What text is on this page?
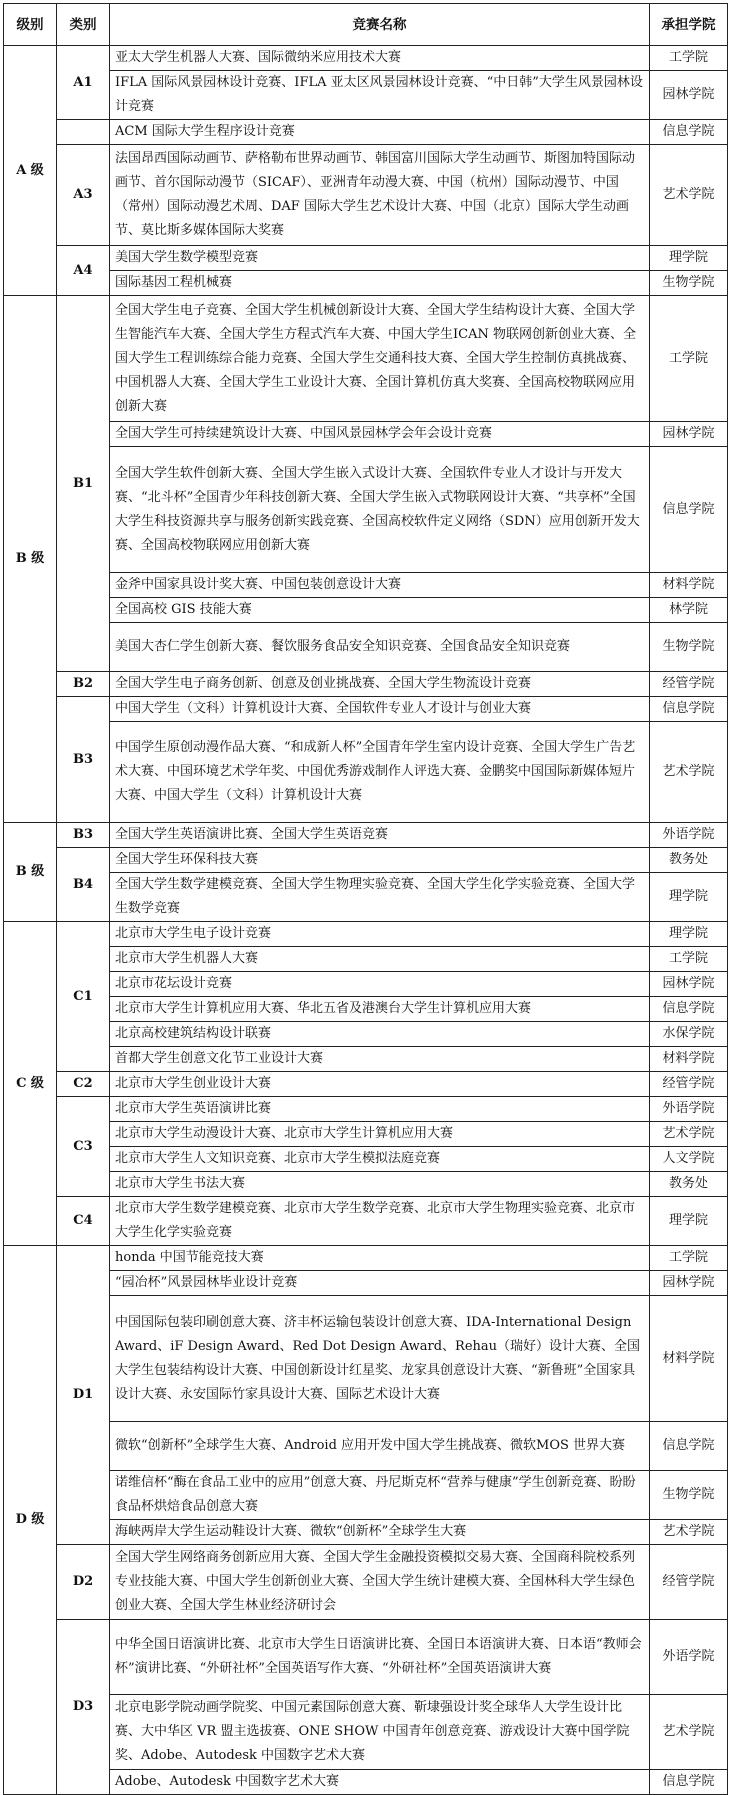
级别	类别	竞赛名称	承担学院
A 级	A1	亚太大学生机器人大赛、国际微纳米应用技术大赛	工学院
		IFLA 国际风景园林设计竞赛、IFLA 亚太区风景园林设计竞赛、“中日韩”大学生风景园林设计竞赛	园林学院
		ACM 国际大学生程序设计竞赛	信息学院
	A3	法国昂西国际动画节、萨格勒布世界动画节、韩国富川国际大学生动画节、斯图加特国际动画节、首尔国际动漫节（SICAF）、亚洲青年动漫大赛、中国（杭州）国际动漫节、中国（常州）国际动漫艺术周、DAF 国际大学生艺术设计大赛、中国（北京）国际大学生动画节、莫比斯多媒体国际大奖赛	艺术学院
	A4	美国大学生数学模型竞赛	理学院
		国际基因工程机械赛	生物学院
B 级	B1	全国大学生电子竞赛、全国大学生机械创新设计大赛、全国大学生结构设计大赛、全国大学生智能汽车大赛、全国大学生方程式汽车大赛、中国大学生ICAN 物联网创新创业大赛、全国大学生工程训练综合能力竞赛、全国大学生交通科技大赛、全国大学生控制仿真挑战赛、中国机器人大赛、全国大学生工业设计大赛、全国计算机仿真大奖赛、全国高校物联网应用创新大赛	工学院
		全国大学生可持续建筑设计大赛、中国风景园林学会年会设计竞赛	园林学院
		全国大学生软件创新大赛、全国大学生嵌入式设计大赛、全国软件专业人才设计与开发大赛、“北斗杯”全国青少年科技创新大赛、全国大学生嵌入式物联网设计大赛、“共享杯”全国大学生科技资源共享与服务创新实践竞赛、全国高校软件定义网络（SDN）应用创新开发大赛、全国高校物联网应用创新大赛	信息学院
		金斧中国家具设计奖大赛、中国包装创意设计大赛	材料学院
		全国高校 GIS 技能大赛	林学院
		美国大杏仁学生创新大赛、餐饮服务食品安全知识竞赛、全国食品安全知识竞赛	生物学院
	B2	全国大学生电子商务创新、创意及创业挑战赛、全国大学生物流设计竞赛	经管学院
	B3	中国大学生（文科）计算机设计大赛、全国软件专业人才设计与创业大赛	信息学院
		中国学生原创动漫作品大赛、“和成新人杯”全国青年学生室内设计竞赛、全国大学生广告艺术大赛、中国环境艺术学年奖、中国优秀游戏制作人评选大赛、金鹏奖中国国际新媒体短片大赛、中国大学生（文科）计算机设计大赛	艺术学院
B 级	B3	全国大学生英语演讲比赛、全国大学生英语竞赛	外语学院
	B4	全国大学生环保科技大赛	教务处
		全国大学生数学建模竞赛、全国大学生物理实验竞赛、全国大学生化学实验竞赛、全国大学生数学竞赛	理学院
C 级	C1	北京市大学生电子设计竞赛	理学院
		北京市大学生机器人大赛	工学院
		北京市花坛设计竞赛	园林学院
		北京市大学生计算机应用大赛、华北五省及港澳台大学生计算机应用大赛	信息学院
		北京高校建筑结构设计联赛	水保学院
		首都大学生创意文化节工业设计大赛	材料学院
	C2	北京市大学生创业设计大赛	经管学院
	C3	北京市大学生英语演讲比赛	外语学院
		北京市大学生动漫设计大赛、北京市大学生计算机应用大赛	艺术学院
		北京市大学生人文知识竞赛、北京市大学生模拟法庭竞赛	人文学院
		北京市大学生书法大赛	教务处
	C4	北京市大学生数学建模竞赛、北京市大学生数学竞赛、北京市大学生物理实验竞赛、北京市大学生化学实验竞赛	理学院
D 级	D1	honda 中国节能竞技大赛	工学院
		“园冶杯”风景园林毕业设计竞赛	园林学院
		中国国际包装印刷创意大赛、济丰杯运输包装设计创意大赛、IDA-International Design Award、iF Design Award、Red Dot Design Award、Rehau（瑞好）设计大赛、全国大学生包装结构设计大赛、中国创新设计红星奖、龙家具创意设计大赛、“新鲁班”全国家具设计大赛、永安国际竹家具设计大赛、国际艺术设计大赛	材料学院
		微软“创新杯”全球学生大赛、Android 应用开发中国大学生挑战赛、微软MOS 世界大赛	信息学院
		诺维信杯“酶在食品工业中的应用”创意大赛、丹尼斯克杯“营养与健康”学生创新竞赛、盼盼食品杯烘焙食品创意大赛	生物学院
		海峡两岸大学生运动鞋设计大赛、微软“创新杯”全球学生大赛	艺术学院
	D2	全国大学生网络商务创新应用大赛、全国大学生金融投资模拟交易大赛、全国商科院校系列专业技能大赛、中国大学生创新创业大赛、全国大学生统计建模大赛、全国林科大学生绿色创业大赛、全国大学生林业经济研讨会	经管学院
	D3	中华全国日语演讲比赛、北京市大学生日语演讲比赛、全国日本语演讲大赛、日本语“教师会杯”演讲比赛、“外研社杯”全国英语写作大赛、“外研社杯”全国英语演讲大赛	外语学院
		北京电影学院动画学院奖、中国元素国际创意大赛、靳埭强设计奖全球华人大学生设计比赛、大中华区 VR 盟主选拔赛、ONE SHOW 中国青年创意竞赛、游戏设计大赛中国学院奖、Adobe、Autodesk 中国数字艺术大赛	艺术学院
		Adobe、Autodesk 中国数字艺术大赛	信息学院
